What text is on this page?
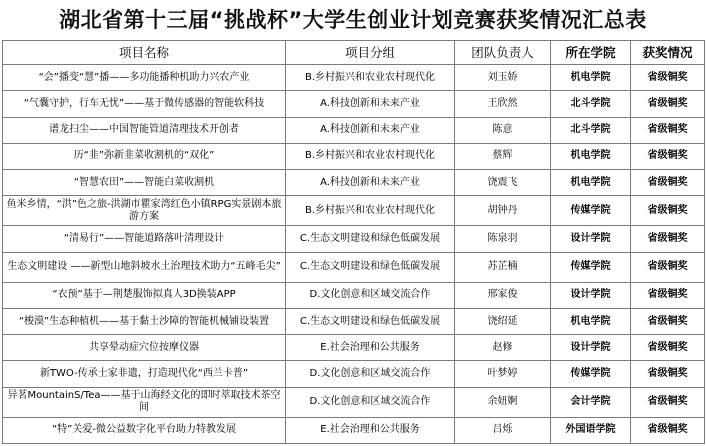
湖北省第十三届“挑战杯”大学生创业计划竞赛获奖情况汇总表
项目名称	项目分组	团队负责人	所在学院	获奖情况
“会”播变“慧”播——多功能播种机助力兴农产业	B.乡村振兴和农业农村现代化	刘玉娇	机电学院	省级铜奖
“气囊守护，行车无忧”——基于微传感器的智能软科技	A.科技创新和未来产业	王欣然	北斗学院	省级铜奖
谱龙扫尘——中国智能管道清理技术开创者	A.科技创新和未来产业	陈意	北斗学院	省级铜奖
历“韭”弥新韭菜收割机的“双化”	B.乡村振兴和农业农村现代化	蔡辉	机电学院	省级铜奖
“智慧农田”——智能白菜收割机	A.科技创新和未来产业	饶震飞	机电学院	省级铜奖
鱼米乡情，“洪”色之旅-洪湖市瞿家湾红色小镇RPG实景剧本旅游方案	B.乡村振兴和农业农村现代化	胡钟丹	传媒学院	省级铜奖
“清易行”——智能道路落叶清理设计	C.生态文明建设和绿色低碳发展	陈泉羽	设计学院	省级铜奖
生态文明建设 ——新型山地斜坡水土治理技术助力“五峰毛尖”	C.生态文明建设和绿色低碳发展	苏芷楠	传媒学院	省级铜奖
“衣预”基于—荆楚服饰拟真人3D换装APP	D.文化创意和区域交流合作	邢家俊	设计学院	省级铜奖
“梭漠”生态种植机——基于黏土沙障的智能机械铺设装置	C.生态文明建设和绿色低碳发展	饶绍延	机电学院	省级铜奖
共享晕动症穴位按摩仪器	E.社会治理和公共服务	赵修	设计学院	省级铜奖
新TWO-传承土家非遗，打造现代化“西兰卡普”	D.文化创意和区域交流合作	叶梦婷	传媒学院	省级铜奖
异茗MountainS/Tea——基于山海经文化的即时萃取技术茶空间	D.文化创意和区域交流合作	余妞婀	会计学院	省级铜奖
“特”关爱-微公益数字化平台助力特教发展	E.社会治理和公共服务	吕烁	外国语学院	省级铜奖
